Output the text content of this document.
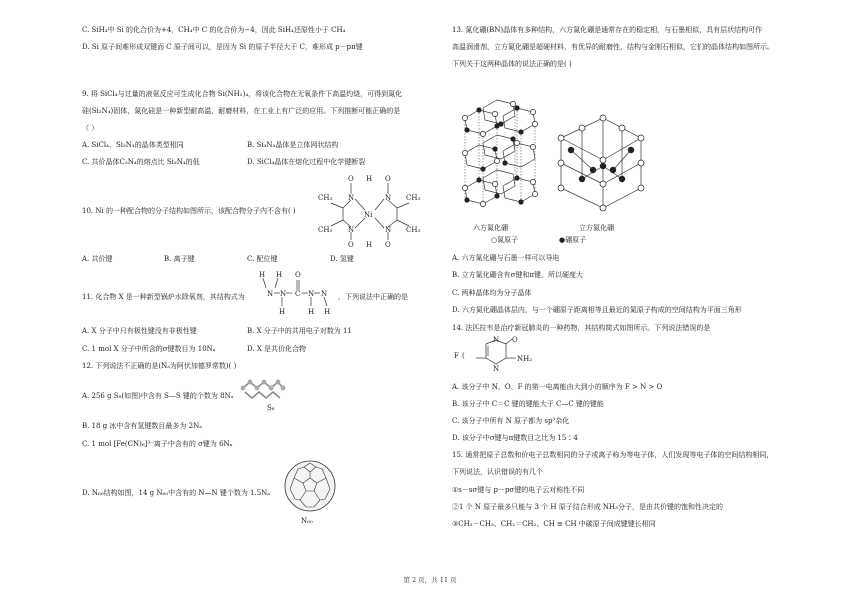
C. SiH₄中 Si 的化合价为+4，CH₄中 C 的化合价为−4，因此 SiH₄还原性小于 CH₄
D. Si 原子间难形成双键而 C 原子间可以，是因为 Si 的原子半径大于 C，难形成 p－pπ键
9. 将 SiCl₄与过量的液氨反应可生成化合物 Si(NH₂)₄，将该化合物在无氧条件下高温灼烧，可得到氮化
硅(Si₃N₄)固体，氮化硅是一种新型耐高温、耐磨材料，在工业上有广泛的应用。下列推断可能正确的是
（ ）
A. SiCl₄、Si₃N₄的晶体类型相同	B. Si₃N₄晶体是立体网状结构
C. 共价晶体C₃N₄的熔点比 Si₃N₄的低	D. SiCl₄晶体在熔化过程中化学键断裂
O H O
CH₃
N	N
Ni
CH₃
N	N
CH₃
O H O
CH₃
10. Ni 的一种配合物的分子结构如图所示，该配合物分子内不含有( )
A. 共价键	B. 离子键	C. 配位键	D. 氢键
H	O
H
N N C N N
H	H H
11. 化合物 X 是一种新型锅炉水除氧剂，其结构式为	，下列说法中正确的是
A. X 分子中只有极性键没有非极性键	B. X 分子中的共用电子对数为 11
C. 1 mol X 分子中所含的σ键数目为 10Nₐ	D. X 是共价化合物
12. 下列说法不正确的是(Nₐ为阿伏加德罗常数)( )
S₈
A. 256 g S₈(如图)中含有 S—S 键的个数为 8Nₐ
B. 18 g 冰中含有氢键数目最多为 2Nₐ
C. 1 mol [Fe(CN)₆]³⁻离子中含有的 σ键为 6Nₐ
N₆₀
D. N₆₀结构如图，14 g N₆₀中含有的 N—N 键个数为 1.5Nₐ
13. 氮化硼(BN)晶体有多种结构，六方氮化硼是通常存在的稳定相，与石墨相似，具有层状结构可作
高温润滑剂，立方氮化硼是超硬材料，有优异的耐磨性，结构与金刚石相似，它们的晶体结构如图所示。
下列关于这两种晶体的说法正确的是( )
六方氮化硼	立方氮化硼
○氮原子	●硼原子
A. 六方氮化硼与石墨一样可以导电
B. 立方氮化硼含有σ键和π键，所以硬度大
C. 两种晶体均为分子晶体
D. 六方氮化硼晶体层内，与一个硼原子距离相等且最近的氮原子构成的空间结构为平面三角形
14. 法匹拉韦是治疗新冠肺炎的一种药物，其结构简式如图所示。下列说法错误的是
F
N
O
NH₂
N
(
A. 该分子中 N、O、F 的第一电离能由大到小的顺序为 F > N > O
B. 该分子中 C＝C 键的键能大于 C—C 键的键能
C. 该分子中所有 N 原子都为 sp³杂化
D. 该分子中σ键与π键数目之比为 15∶4
15. 通常把原子总数和价电子总数相同的分子或离子称为等电子体，人们发现等电子体的空间结构相同，
下列说法，认识错误的有几个
①s－sσ键与 p－pσ键的电子云对称性不同
②1 个 N 原子最多只能与 3 个 H 原子结合形成 NH₃分子，是由共价键的饱和性决定的
③CH₃－CH₃、CH₂＝CH₂、CH ≡ CH 中碳原子间成键键长相同
第 2 页，共 11 页
